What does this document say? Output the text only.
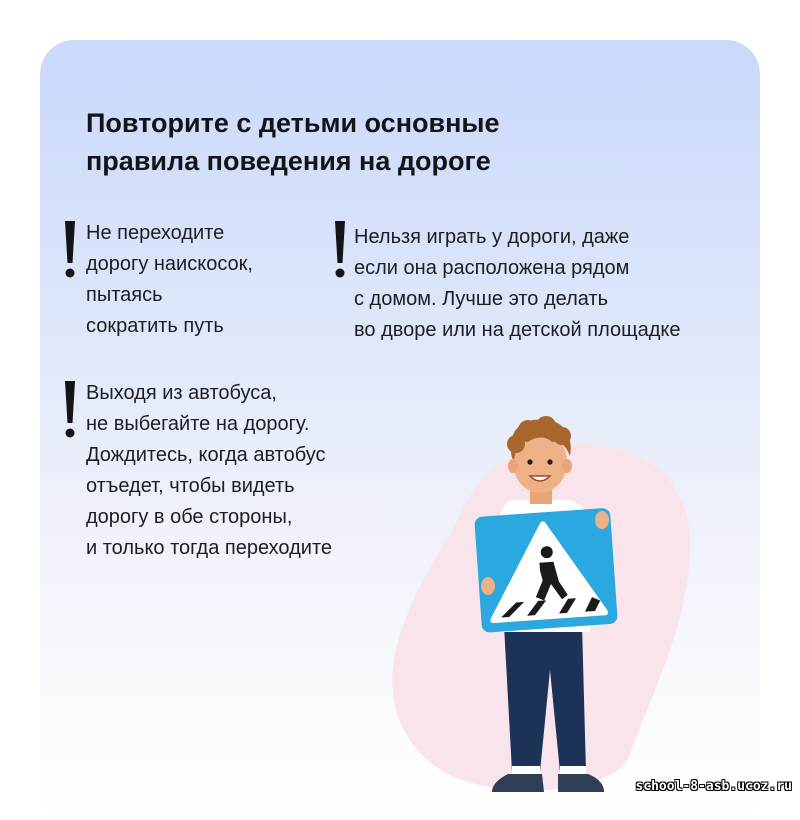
Повторите с детьми основные
правила поведения на дороге
Не переходите
дорогу наискосок,
пытаясь
сократить путь
Нельзя играть у дороги, даже
если она расположена рядом
с домом. Лучше это делать
во дворе или на детской площадке
Выходя из автобуса,
не выбегайте на дорогу.
Дождитесь, когда автобус
отъедет, чтобы видеть
дорогу в обе стороны,
и только тогда переходите
school-8-asb.ucoz.ru
